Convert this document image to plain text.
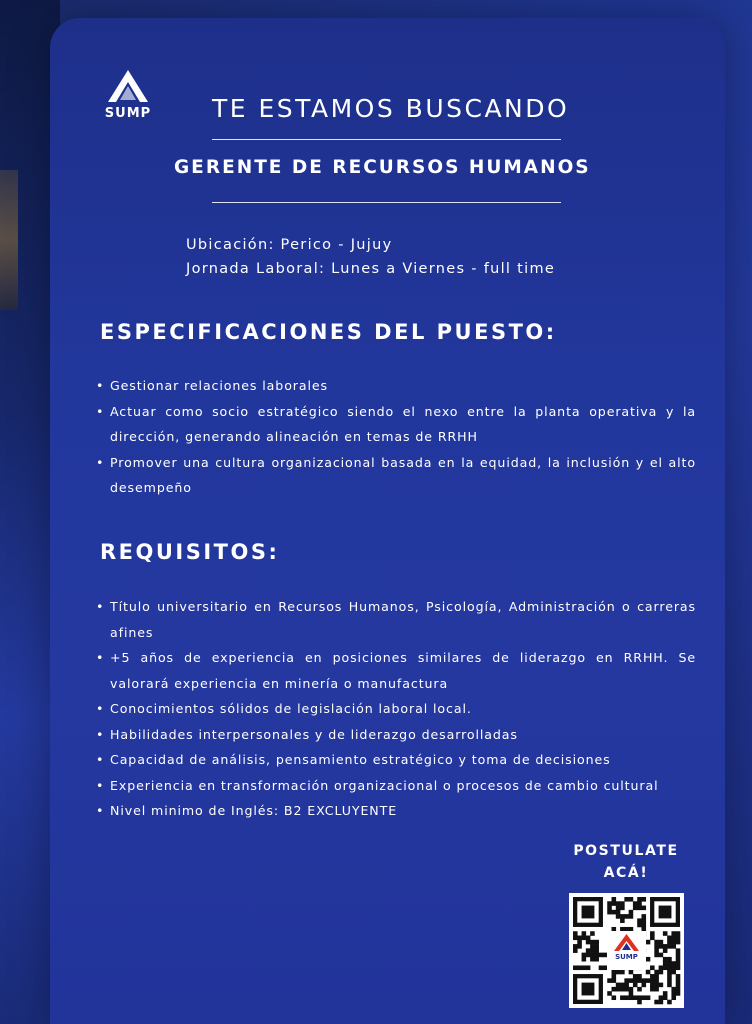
SUMP TE ESTAMOS BUSCANDO
GERENTE DE RECURSOS HUMANOS
Ubicación: Perico - Jujuy
Jornada Laboral: Lunes a Viernes - full time
ESPECIFICACIONES DEL PUESTO:
• Gestionar relaciones laborales
• Actuar como socio estratégico siendo el nexo entre la planta operativa y la dirección, generando alineación en temas de RRHH
• Promover una cultura organizacional basada en la equidad, la inclusión y el alto desempeño
REQUISITOS:
• Título universitario en Recursos Humanos, Psicología, Administración o carreras afines
• +5 años de experiencia en posiciones similares de liderazgo en RRHH. Se valorará experiencia en minería o manufactura
• Conocimientos sólidos de legislación laboral local.
• Habilidades interpersonales y de liderazgo desarrolladas
• Capacidad de análisis, pensamiento estratégico y toma de decisiones
• Experiencia en transformación organizacional o procesos de cambio cultural
• Nivel minimo de Inglés: B2 EXCLUYENTE
POSTULATE
ACÁ!
SUMP
